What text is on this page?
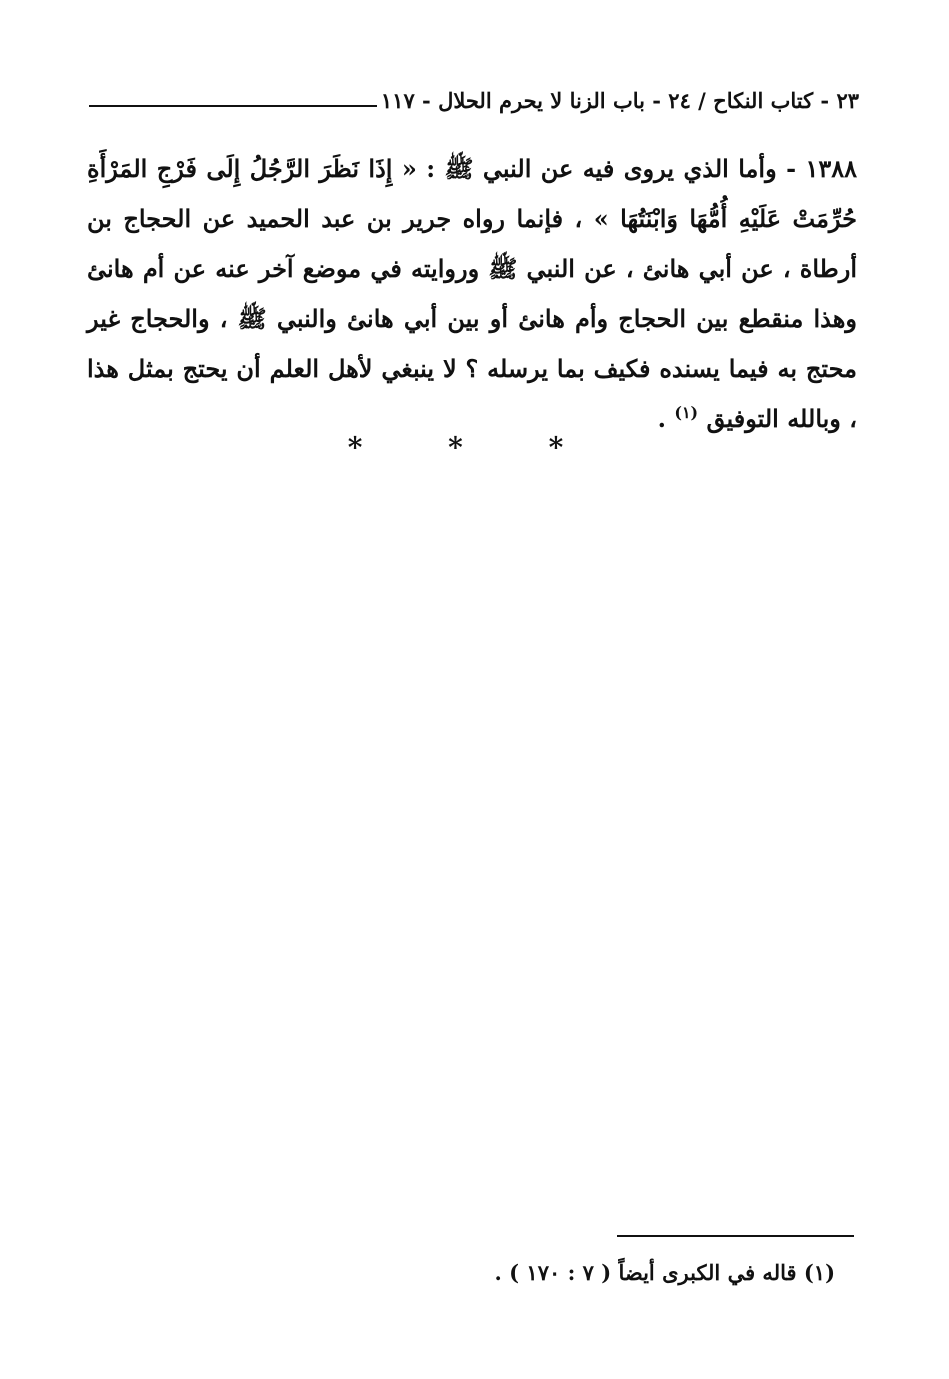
٢٣ - كتاب النكاح / ٢٤ - باب الزنا لا يحرم الحلال - ١١٧
١٣٨٨ - وأما الذي يروى فيه عن النبي ﷺ : « إِذَا نَظَرَ الرَّجُلُ إِلَى فَرْجِ المَرْأَةِ حُرِّمَتْ عَلَيْهِ أُمُّهَا وَابْنَتُهَا » ، فإنما رواه جرير بن عبد الحميد عن الحجاج بن أرطاة ، عن أبي هانئ ، عن النبي ﷺ وروايته في موضع آخر عنه عن أم هانئ وهذا منقطع بين الحجاج وأم هانئ أو بين أبي هانئ والنبي ﷺ ، والحجاج غير محتج به فيما يسنده فكيف بما يرسله ؟ لا ينبغي لأهل العلم أن يحتج بمثل هذا ، وبالله التوفيق $^{(١)}$ .
* * *
(١) قاله في الكبرى أيضاً ( ٧ : ١٧٠ ) .
